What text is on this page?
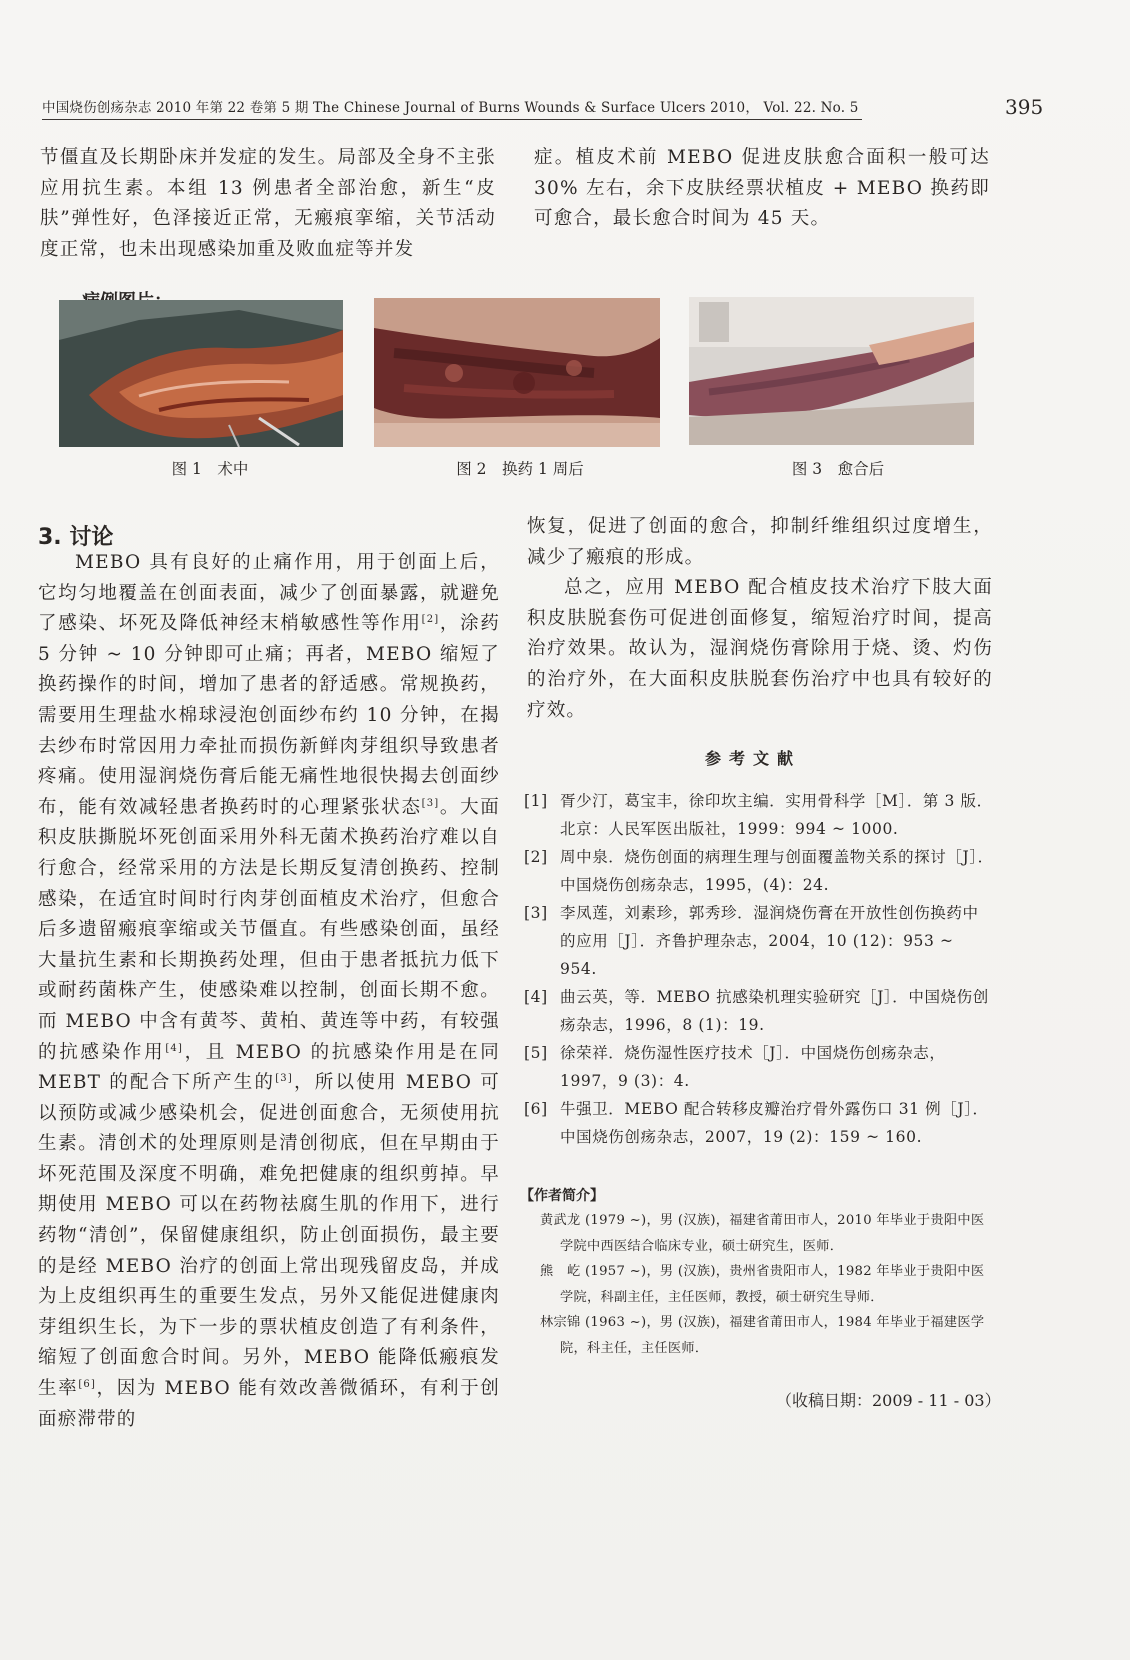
中国烧伤创疡杂志 2010 年第 22 卷第 5 期 The Chinese Journal of Burns Wounds & Surface Ulcers 2010， Vol. 22. No. 5	395

节僵直及长期卧床并发症的发生。局部及全身不主张应用抗生素。本组 13 例患者全部治愈，新生“皮肤”弹性好，色泽接近正常，无瘢痕挛缩，关节活动度正常，也未出现感染加重及败血症等并发

症。植皮术前 MEBO 促进皮肤愈合面积一般可达 30% 左右，余下皮肤经票状植皮 + MEBO 换药即可愈合，最长愈合时间为 45 天。

图 1　术中	图 2　换药 1 周后	图 3　愈合后
3. 讨论

MEBO 具有良好的止痛作用，用于创面上后，它均匀地覆盖在创面表面，减少了创面暴露，就避免了感染、坏死及降低神经末梢敏感性等作用[2]，涂药 5 分钟 ~ 10 分钟即可止痛；再者，MEBO 缩短了换药操作的时间，增加了患者的舒适感。常规换药，需要用生理盐水棉球浸泡创面纱布约 10 分钟，在揭去纱布时常因用力牵扯而损伤新鲜肉芽组织导致患者疼痛。使用湿润烧伤膏后能无痛性地很快揭去创面纱布，能有效减轻患者换药时的心理紧张状态[3]。大面积皮肤撕脱坏死创面采用外科无菌术换药治疗难以自行愈合，经常采用的方法是长期反复清创换药、控制感染，在适宜时间时行肉芽创面植皮术治疗，但愈合后多遗留瘢痕挛缩或关节僵直。有些感染创面，虽经大量抗生素和长期换药处理，但由于患者抵抗力低下或耐药菌株产生，使感染难以控制，创面长期不愈。而 MEBO 中含有黄芩、黄柏、黄连等中药，有较强的抗感染作用[4]，且 MEBO 的抗感染作用是在同 MEBT 的配合下所产生的[3]，所以使用 MEBO 可以预防或减少感染机会，促进创面愈合，无须使用抗生素。清创术的处理原则是清创彻底，但在早期由于坏死范围及深度不明确，难免把健康的组织剪掉。早期使用 MEBO 可以在药物祛腐生肌的作用下，进行药物“清创”，保留健康组织，防止创面损伤，最主要的是经 MEBO 治疗的创面上常出现残留皮岛，并成为上皮组织再生的重要生发点，另外又能促进健康肉芽组织生长，为下一步的票状植皮创造了有利条件，缩短了创面愈合时间。另外，MEBO 能降低瘢痕发生率[6]，因为 MEBO 能有效改善微循环，有利于创面瘀滞带的

恢复，促进了创面的愈合，抑制纤维组织过度增生，减少了瘢痕的形成。

总之，应用 MEBO 配合植皮技术治疗下肢大面积皮肤脱套伤可促进创面修复，缩短治疗时间，提高治疗效果。故认为，湿润烧伤膏除用于烧、烫、灼伤的治疗外，在大面积皮肤脱套伤治疗中也具有较好的疗效。

参考文献
[1] 胥少汀，葛宝丰，徐印坎主编．实用骨科学［M］．第 3 版．北京：人民军医出版社，1999：994 ~ 1000.
[2] 周中泉．烧伤创面的病理生理与创面覆盖物关系的探讨［J］．中国烧伤创疡杂志，1995，(4)：24.
[3] 李凤莲，刘素珍，郭秀珍．湿润烧伤膏在开放性创伤换药中的应用［J］．齐鲁护理杂志，2004，10 (12)：953 ~ 954.
[4] 曲云英，等．MEBO 抗感染机理实验研究［J］．中国烧伤创疡杂志，1996，8 (1)：19.
[5] 徐荣祥．烧伤湿性医疗技术［J］．中国烧伤创疡杂志，1997，9 (3)：4.
[6] 牛强卫．MEBO 配合转移皮瓣治疗骨外露伤口 31 例［J］．中国烧伤创疡杂志，2007，19 (2)：159 ~ 160.
【作者简介】

黄武龙 (1979 ~)，男 (汉族)，福建省莆田市人，2010 年毕业于贵阳中医学院中西医结合临床专业，硕士研究生，医师．

熊　屹 (1957 ~)，男 (汉族)，贵州省贵阳市人，1982 年毕业于贵阳中医学院，科副主任，主任医师，教授，硕士研究生导师．

林宗锦 (1963 ~)，男 (汉族)，福建省莆田市人，1984 年毕业于福建医学院，科主任，主任医师．

（收稿日期：2009 - 11 - 03）
